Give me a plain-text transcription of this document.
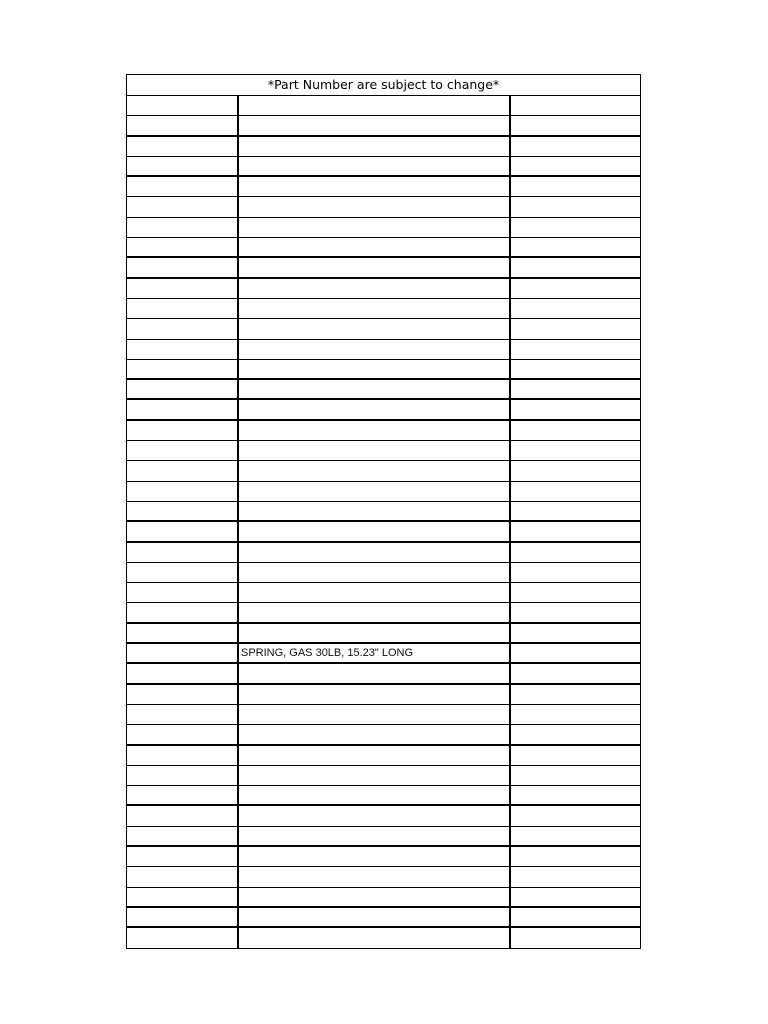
*Part Number are subject to change*
SPRING, GAS 30LB, 15.23" LONG
